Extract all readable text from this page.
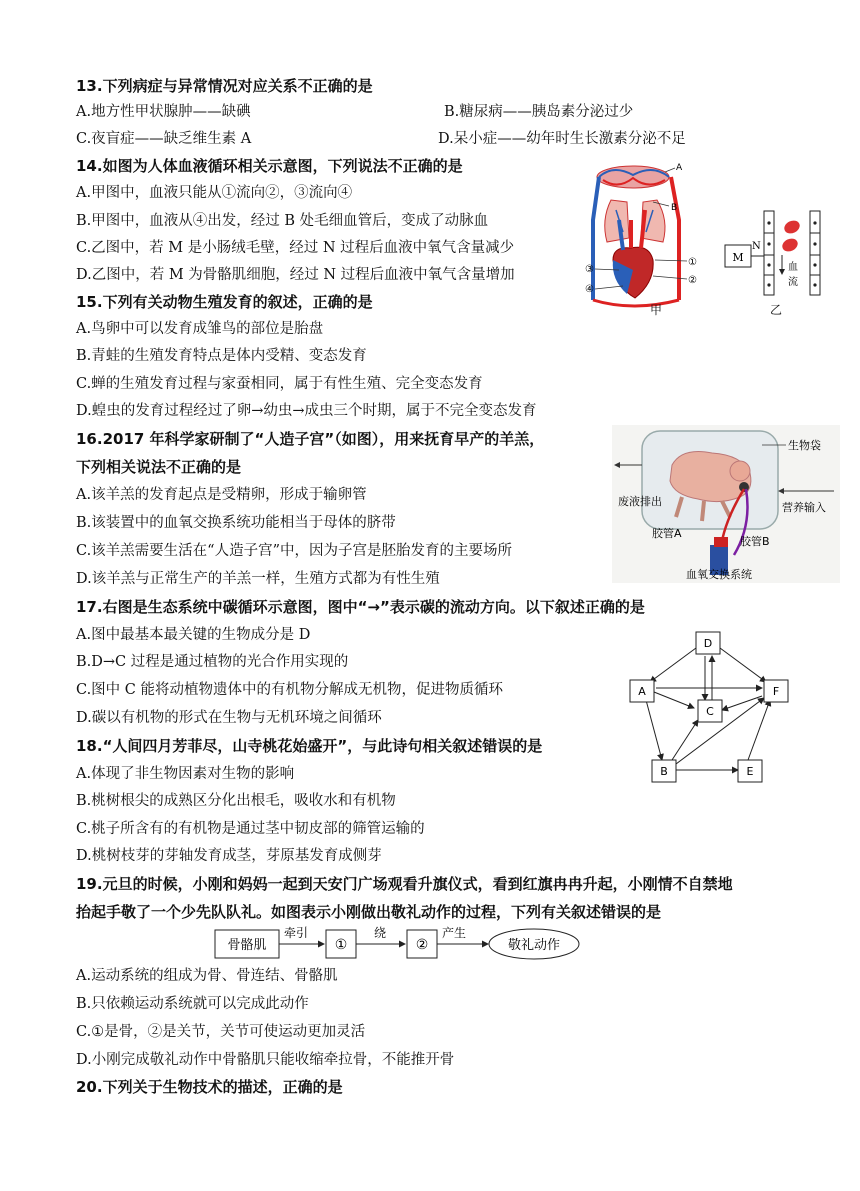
13.下列病症与异常情况对应关系不正确的是
A.地方性甲状腺肿——缺碘	B.糖尿病——胰岛素分泌过少
C.夜盲症——缺乏维生素 A	D.呆小症——幼年时生长激素分泌不足
14.如图为人体血液循环相关示意图，下列说法不正确的是
A.甲图中，血液只能从①流向②，③流向④
B.甲图中，血液从④出发，经过 B 处毛细血管后，变成了动脉血
C.乙图中，若 M 是小肠绒毛壁，经过 N 过程后血液中氧气含量减少
D.乙图中，若 M 为骨骼肌细胞，经过 N 过程后血液中氧气含量增加
A
B
①
②
③
④
甲
M
N
血
流
乙
15.下列有关动物生殖发育的叙述，正确的是
A.鸟卵中可以发育成雏鸟的部位是胎盘
B.青蛙的生殖发育特点是体内受精、变态发育
C.蝉的生殖发育过程与家蚕相同，属于有性生殖、完全变态发育
D.蝗虫的发育过程经过了卵→幼虫→成虫三个时期，属于不完全变态发育
16.2017 年科学家研制了“人造子宫”（如图），用来抚育早产的羊羔，
下列相关说法不正确的是
A.该羊羔的发育起点是受精卵，形成于输卵管
B.该装置中的血氧交换系统功能相当于母体的脐带
C.该羊羔需要生活在“人造子宫”中，因为子宫是胚胎发育的主要场所
D.该羊羔与正常生产的羊羔一样，生殖方式都为有性生殖
生物袋
废液排出	营养输入
胶管A
胶管B
血氧交换系统
17.右图是生态系统中碳循环示意图，图中“→”表示碳的流动方向。以下叙述正确的是
A.图中最基本最关键的生物成分是 D
B.D→C 过程是通过植物的光合作用实现的
C.图中 C 能将动植物遗体中的有机物分解成无机物，促进物质循环
D.碳以有机物的形式在生物与无机环境之间循环
D
A
C
F
B	E
18.“人间四月芳菲尽，山寺桃花始盛开”，与此诗句相关叙述错误的是
A.体现了非生物因素对生物的影响
B.桃树根尖的成熟区分化出根毛，吸收水和有机物
C.桃子所含有的有机物是通过茎中韧皮部的筛管运输的
D.桃树枝芽的芽轴发育成茎，芽原基发育成侧芽
19.元旦的时候，小刚和妈妈一起到天安门广场观看升旗仪式，看到红旗冉冉升起，小刚情不自禁地
抬起手敬了一个少先队队礼。如图表示小刚做出敬礼动作的过程，下列有关叙述错误的是
骨骼肌
牵引
①
绕
②
产生
敬礼动作
A.运动系统的组成为骨、骨连结、骨骼肌
B.只依赖运动系统就可以完成此动作
C.①是骨，②是关节，关节可使运动更加灵活
D.小刚完成敬礼动作中骨骼肌只能收缩牵拉骨，不能推开骨
20.下列关于生物技术的描述，正确的是
